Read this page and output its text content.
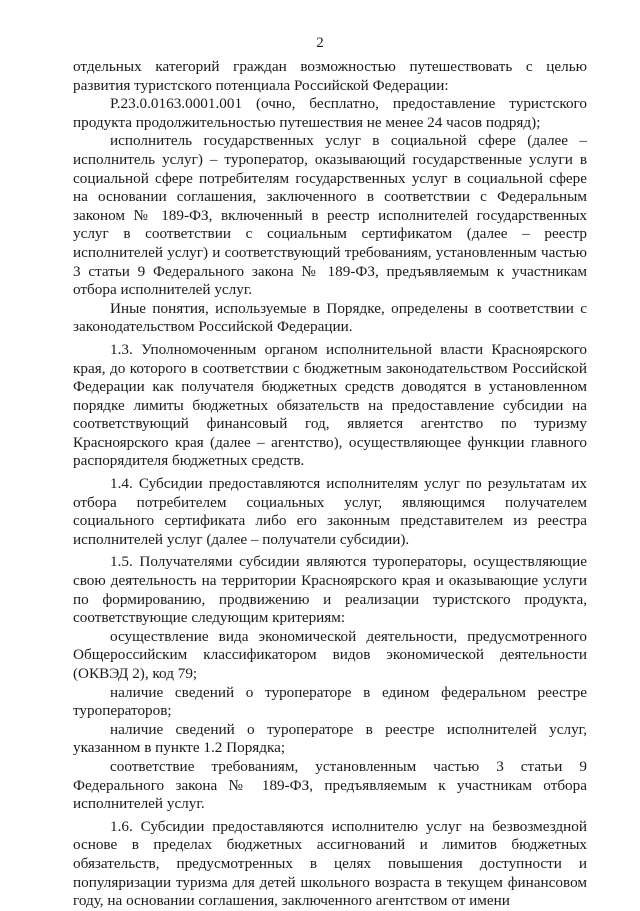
2

отдельных категорий граждан возможностью путешествовать с целью развития туристского потенциала Российской Федерации:

P.23.0.0163.0001.001 (очно, бесплатно, предоставление туристского продукта продолжительностью путешествия не менее 24 часов подряд);

исполнитель государственных услуг в социальной сфере (далее – исполнитель услуг) – туроператор, оказывающий государственные услуги в социальной сфере потребителям государственных услуг в социальной сфере на основании соглашения, заключенного в соответствии с Федеральным законом № 189-ФЗ, включенный в реестр исполнителей государственных услуг в соответствии с социальным сертификатом (далее – реестр исполнителей услуг) и соответствующий требованиям, установленным частью 3 статьи 9 Федерального закона № 189-ФЗ, предъявляемым к участникам отбора исполнителей услуг.

Иные понятия, используемые в Порядке, определены в соответствии с законодательством Российской Федерации.

1.3. Уполномоченным органом исполнительной власти Красноярского края, до которого в соответствии с бюджетным законодательством Российской Федерации как получателя бюджетных средств доводятся в установленном порядке лимиты бюджетных обязательств на предоставление субсидии на соответствующий финансовый год, является агентство по туризму Красноярского края (далее – агентство), осуществляющее функции главного распорядителя бюджетных средств.

1.4. Субсидии предоставляются исполнителям услуг по результатам их отбора потребителем социальных услуг, являющимся получателем социального сертификата либо его законным представителем из реестра исполнителей услуг (далее – получатели субсидии).

1.5. Получателями субсидии являются туроператоры, осуществляющие свою деятельность на территории Красноярского края и оказывающие услуги по формированию, продвижению и реализации туристского продукта, соответствующие следующим критериям:

осуществление вида экономической деятельности, предусмотренного Общероссийским классификатором видов экономической деятельности (ОКВЭД 2), код 79;

наличие сведений о туроператоре в едином федеральном реестре туроператоров;

наличие сведений о туроператоре в реестре исполнителей услуг, указанном в пункте 1.2 Порядка;

соответствие требованиям, установленным частью 3 статьи 9 Федерального закона № 189-ФЗ, предъявляемым к участникам отбора исполнителей услуг.

1.6. Субсидии предоставляются исполнителю услуг на безвозмездной основе в пределах бюджетных ассигнований и лимитов бюджетных обязательств, предусмотренных в целях повышения доступности и популяризации туризма для детей школьного возраста в текущем финансовом году, на основании соглашения, заключенного агентством от имени
